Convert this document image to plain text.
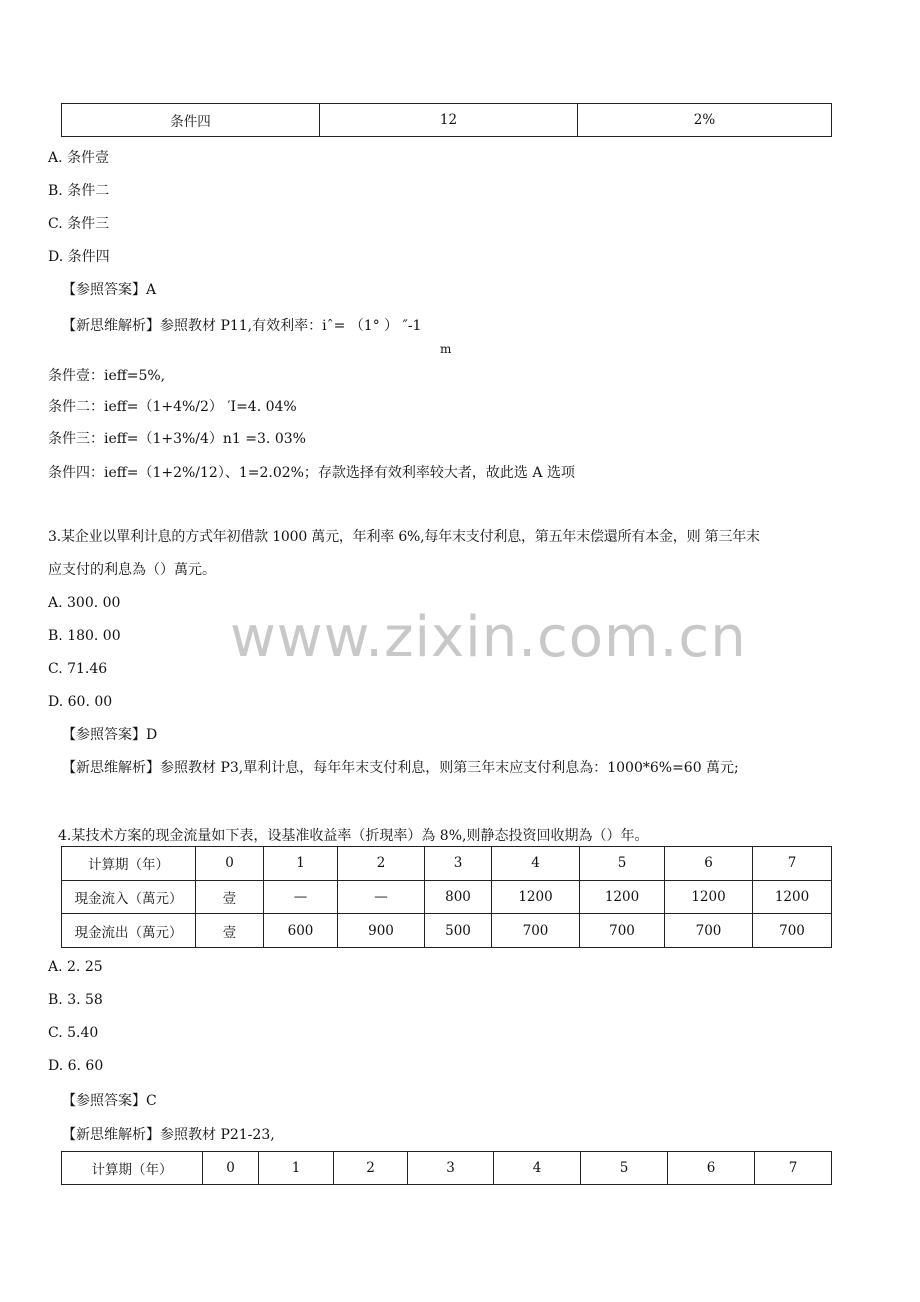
条件四	12	2%
A. 条件壹
B. 条件二
C. 条件三
D. 条件四
【参照答案】A
【新思维解析】参照教材 P11,有效利率：iˆ= （1° ） ″-1
m
条件壹：ieff=5%,
条件二：ieff=（1+4%/2） ′I=4. 04%
条件三：ieff=（1+3%/4）n1 =3. 03%
条件四：ieff=（1+2%/12）、1=2.02%；存款选择有效利率较大者，故此选 A 选项
3.某企业以單利计息的方式年初借款 1000 萬元，年利率 6%,每年末支付利息，第五年末偿還所有本金，则 第三年末
应支付的利息為（）萬元。
A. 300. 00
B. 180. 00
C. 71.46
D. 60. 00
【参照答案】D
【新思维解析】参照教材 P3,單利计息，每年年末支付利息，则第三年末应支付利息為：1000*6%=60 萬元;
www.zixin.com.cn
4.某技术方案的现金流量如下表，设基准收益率（折現率）為 8%,则静态投资回收期為（）年。
计算期（年）	0	1	2	3	4	5	6	7
現金流入（萬元）	壹	—	—	800	1200	1200	1200	1200
現金流出（萬元）	壹	600	900	500	700	700	700	700
A. 2. 25
B. 3. 58
C. 5.40
D. 6. 60
【参照答案】C
【新思维解析】参照教材 P21-23,
计算期（年）	0	1	2	3	4	5	6	7
